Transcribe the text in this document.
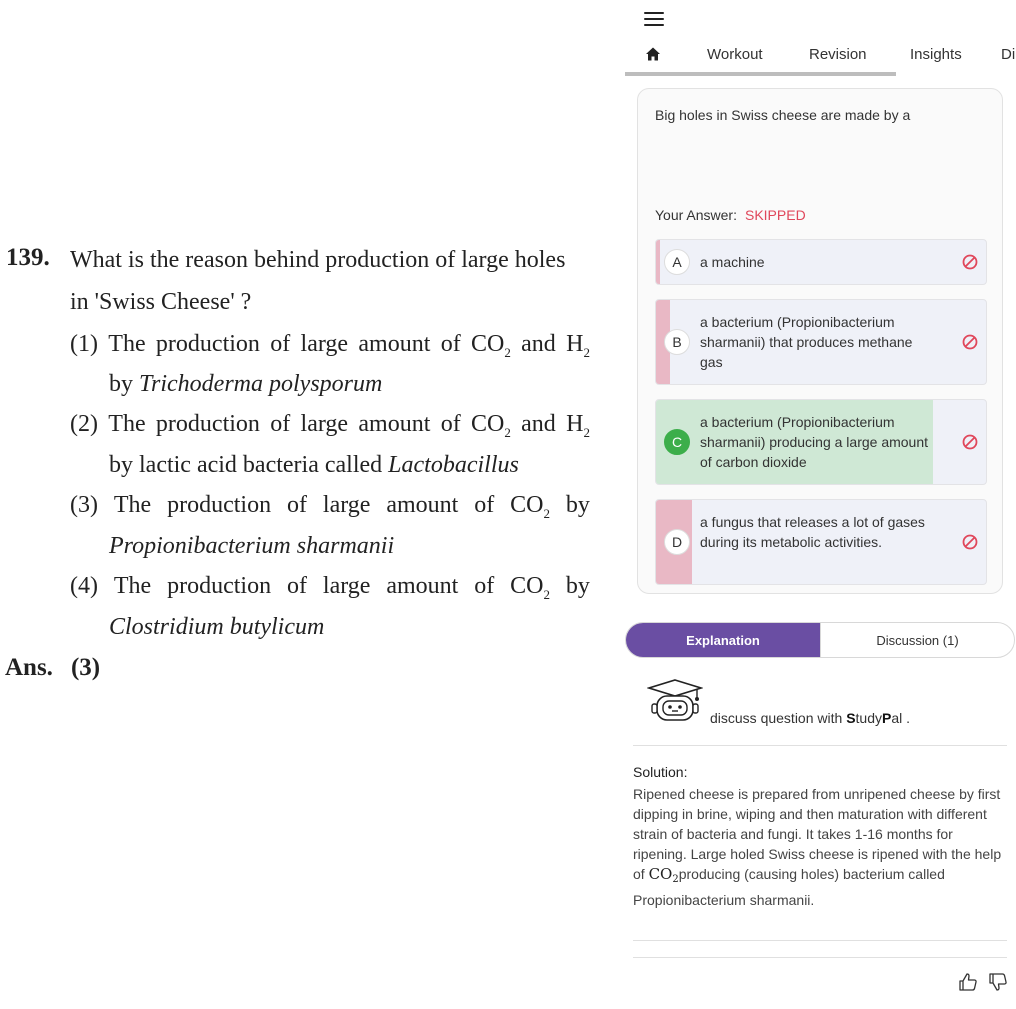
139. What is the reason behind production of large holes
in 'Swiss Cheese' ?
(1) The production of large amount of $CO_2$ and $H_2$
by Trichoderma polysporum
(2) The production of large amount of $CO_2$ and $H_2$
by lactic acid bacteria called Lactobacillus
(3) The production of large amount of $CO_2$ by
Propionibacterium sharmanii
(4) The production of large amount of $CO_2$ by
Clostridium butylicum
Ans. (3)
Workout	Revision	Insights	Di
Big holes in Swiss cheese are made by a
Your Answer: SKIPPED
A	a machine
B
a bacterium (Propionibacterium sharmanii) that produces methane gas
C
a bacterium (Propionibacterium sharmanii) producing a large amount of carbon dioxide
D
a fungus that releases a lot of gases during its metabolic activities.
Explanation	Discussion (1)
discuss question with StudyPal .
Solution:
Ripened cheese is prepared from unripened cheese by first dipping in brine, wiping and then maturation with different strain of bacteria and fungi. It takes 1-16 months for ripening. Large holed Swiss cheese is ripened with the help of $CO_2producing$ (causing holes) bacterium called Propionibacterium sharmanii.
